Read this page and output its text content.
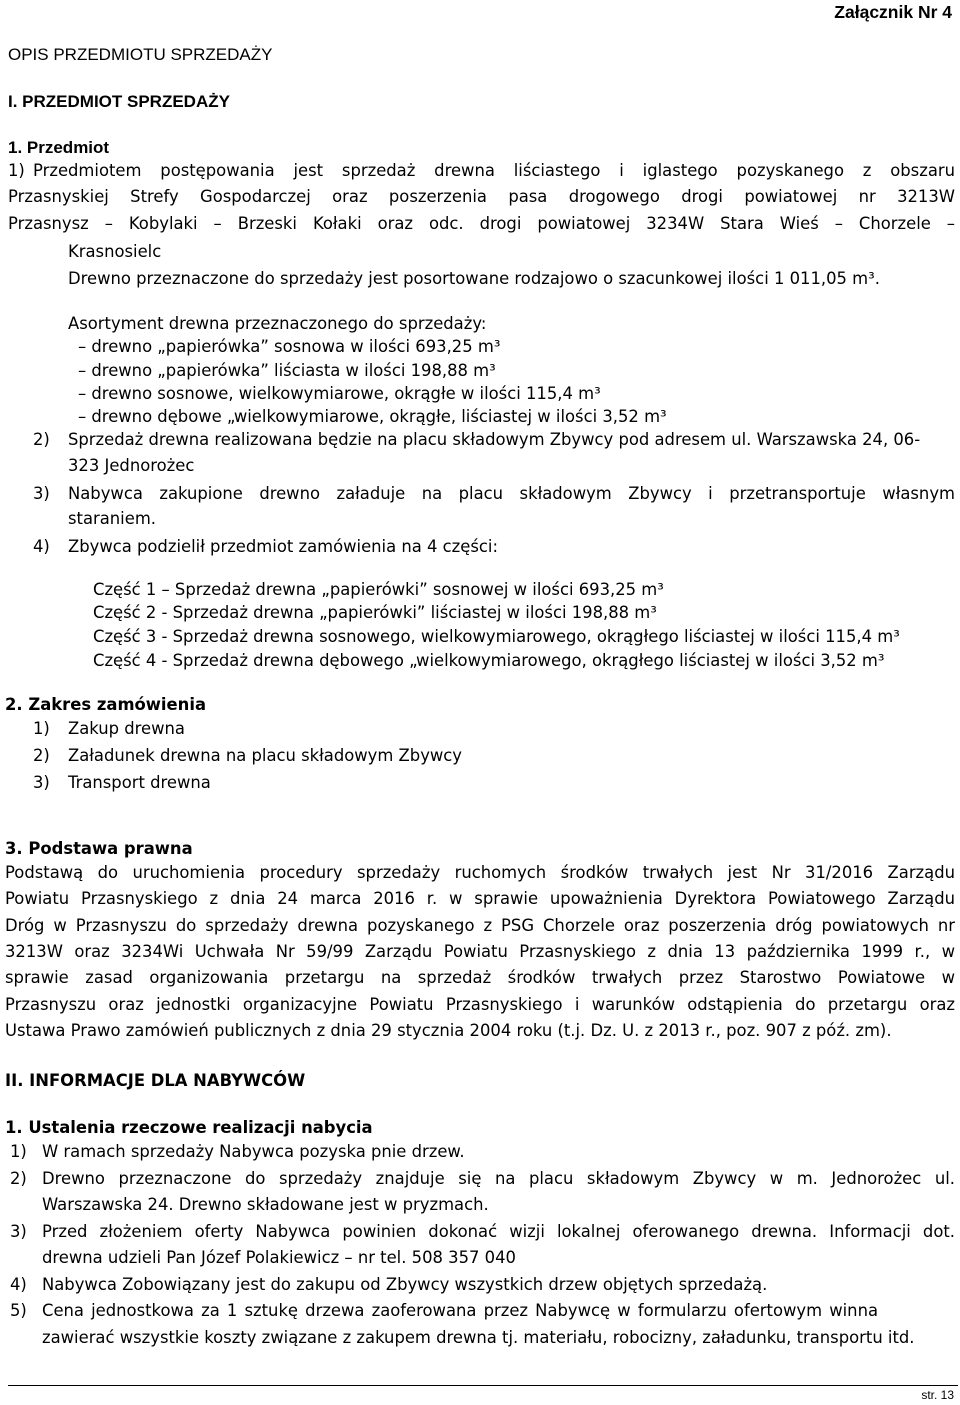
Załącznik Nr 4
OPIS PRZEDMIOTU SPRZEDAŻY
I. PRZEDMIOT SPRZEDAŻY
1. Przedmiot
1) Przedmiotem postępowania jest sprzedaż drewna liściastego i iglastego pozyskanego z obszaru
Przasnyskiej Strefy Gospodarczej oraz poszerzenia pasa drogowego drogi powiatowej nr 3213W
Przasnysz – Kobylaki – Brzeski Kołaki oraz odc. drogi powiatowej 3234W Stara Wieś – Chorzele –
Krasnosielc
Drewno przeznaczone do sprzedaży jest posortowane rodzajowo o szacunkowej ilości 1 011,05 m³.
Asortyment drewna przeznaczonego do sprzedaży:
– drewno „papierówka” sosnowa w ilości 693,25 m³
– drewno „papierówka” liściasta w ilości 198,88 m³
– drewno sosnowe, wielkowymiarowe, okrągłe w ilości 115,4 m³
– drewno dębowe „wielkowymiarowe, okrągłe, liściastej w ilości 3,52 m³
2) Sprzedaż drewna realizowana będzie na placu składowym Zbywcy pod adresem ul. Warszawska 24, 06-
323 Jednorożec
3) Nabywca zakupione drewno załaduje na placu składowym Zbywcy i przetransportuje własnym
staraniem.
4) Zbywca podzielił przedmiot zamówienia na 4 części:
Część 1 – Sprzedaż drewna „papierówki” sosnowej w ilości 693,25 m³
Część 2 - Sprzedaż drewna „papierówki” liściastej w ilości 198,88 m³
Część 3 - Sprzedaż drewna sosnowego, wielkowymiarowego, okrągłego liściastej w ilości 115,4 m³
Część 4 - Sprzedaż drewna dębowego „wielkowymiarowego, okrągłego liściastej w ilości 3,52 m³
2. Zakres zamówienia
1) Zakup drewna
2) Załadunek drewna na placu składowym Zbywcy
3) Transport drewna
3. Podstawa prawna
Podstawą do uruchomienia procedury sprzedaży ruchomych środków trwałych jest Nr 31/2016 Zarządu
Powiatu Przasnyskiego z dnia 24 marca 2016 r. w sprawie upoważnienia Dyrektora Powiatowego Zarządu
Dróg w Przasnyszu do sprzedaży drewna pozyskanego z PSG Chorzele oraz poszerzenia dróg powiatowych nr
3213W oraz 3234Wi Uchwała Nr 59/99 Zarządu Powiatu Przasnyskiego z dnia 13 października 1999 r., w
sprawie zasad organizowania przetargu na sprzedaż środków trwałych przez Starostwo Powiatowe w
Przasnyszu oraz jednostki organizacyjne Powiatu Przasnyskiego i warunków odstąpienia do przetargu oraz
Ustawa Prawo zamówień publicznych z dnia 29 stycznia 2004 roku (t.j. Dz. U. z 2013 r., poz. 907 z póź. zm).
II. INFORMACJE DLA NABYWCÓW
1. Ustalenia rzeczowe realizacji nabycia
1) W ramach sprzedaży Nabywca pozyska pnie drzew.
2) Drewno przeznaczone do sprzedaży znajduje się na placu składowym Zbywcy w m. Jednorożec ul.
Warszawska 24. Drewno składowane jest w pryzmach.
3) Przed złożeniem oferty Nabywca powinien dokonać wizji lokalnej oferowanego drewna. Informacji dot.
drewna udzieli Pan Józef Polakiewicz – nr tel. 508 357 040
4) Nabywca Zobowiązany jest do zakupu od Zbywcy wszystkich drzew objętych sprzedażą.
5) Cena jednostkowa za 1 sztukę drzewa zaoferowana przez Nabywcę w formularzu ofertowym winna
zawierać wszystkie koszty związane z zakupem drewna tj. materiału, robocizny, załadunku, transportu itd.
str. 13
